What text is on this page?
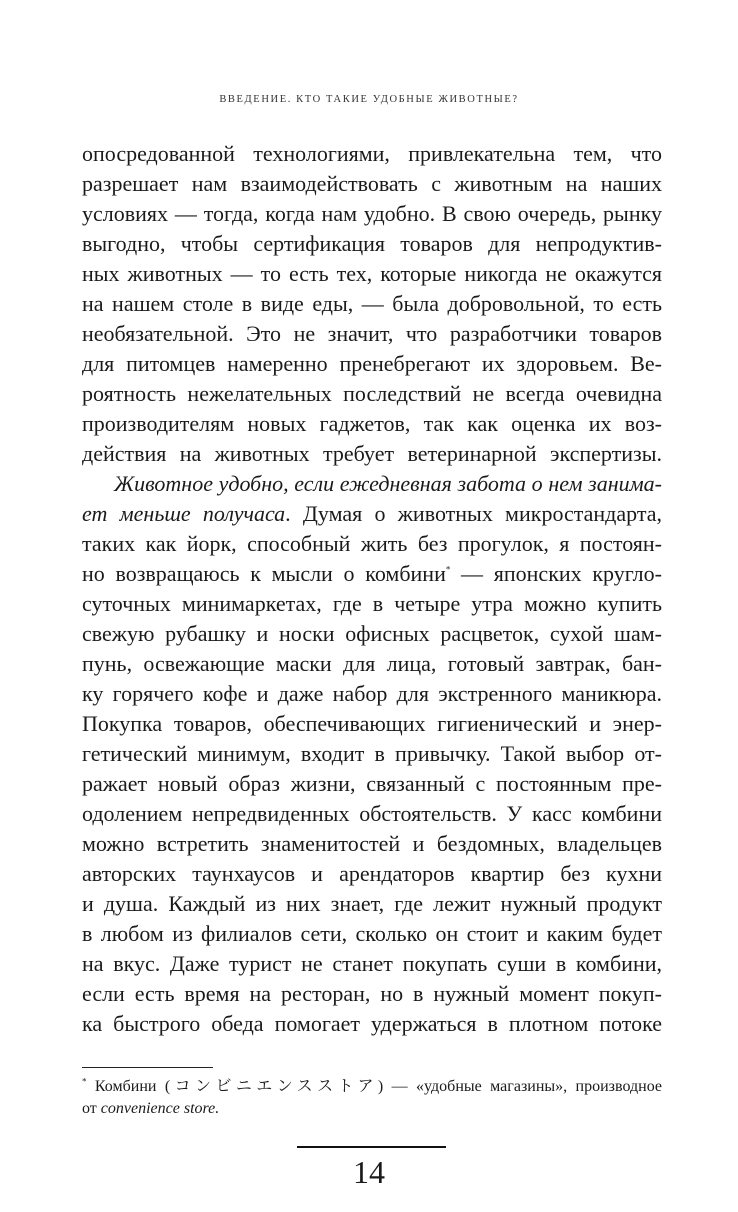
ВВЕДЕНИЕ. КТО ТАКИЕ УДОБНЫЕ ЖИВОТНЫЕ?
опосредованной технологиями, привлекательна тем, что
разрешает нам взаимодействовать с животным на наших
условиях — тогда, когда нам удобно. В свою очередь, рынку
выгодно, чтобы сертификация товаров для непродуктив-
ных животных — то есть тех, которые никогда не окажутся
на нашем столе в виде еды, — была добровольной, то есть
необязательной. Это не значит, что разработчики товаров
для питомцев намеренно пренебрегают их здоровьем. Ве-
роятность нежелательных последствий не всегда очевидна
производителям новых гаджетов, так как оценка их воз-
действия на животных требует ветеринарной экспертизы.
Животное удобно, если ежедневная забота о нем занима-
ет меньше получаса. Думая о животных микростандарта,
таких как йорк, способный жить без прогулок, я постоян-
но возвращаюсь к мысли о комбини* — японских кругло-
суточных минимаркетах, где в четыре утра можно купить
свежую рубашку и носки офисных расцветок, сухой шам-
пунь, освежающие маски для лица, готовый завтрак, бан-
ку горячего кофе и даже набор для экстренного маникюра.
Покупка товаров, обеспечивающих гигиенический и энер-
гетический минимум, входит в привычку. Такой выбор от-
ражает новый образ жизни, связанный с постоянным пре-
одолением непредвиденных обстоятельств. У касс комбини
можно встретить знаменитостей и бездомных, владельцев
авторских таунхаусов и арендаторов квартир без кухни
и душа. Каждый из них знает, где лежит нужный продукт
в любом из филиалов сети, сколько он стоит и каким будет
на вкус. Даже турист не станет покупать суши в комбини,
если есть время на ресторан, но в нужный момент покуп-
ка быстрого обеда помогает удержаться в плотном потоке
* Комбини (コンビニエンスストア) — «удобные магазины», производное
от convenience store.
14
